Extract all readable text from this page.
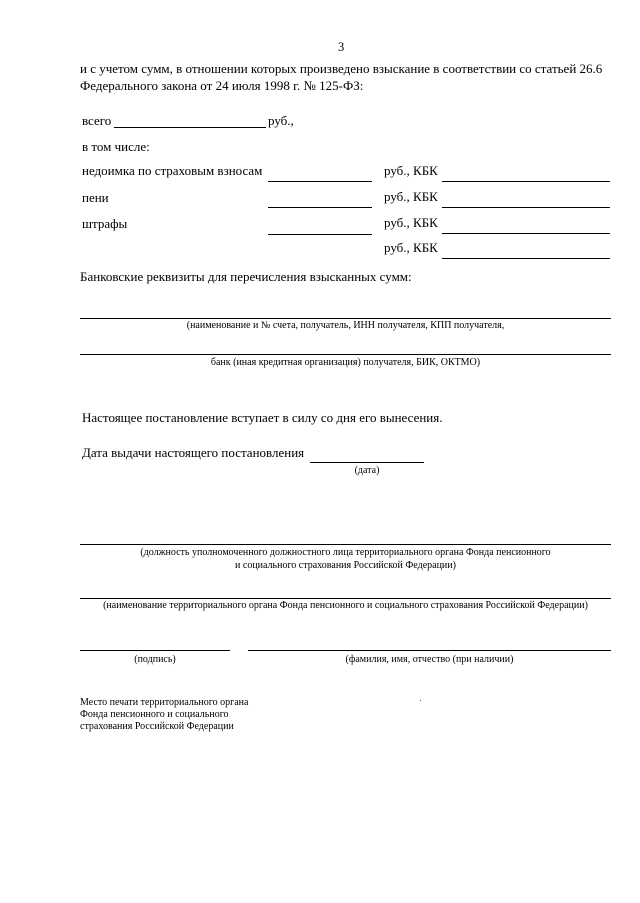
3
и с учетом сумм, в отношении которых произведено взыскание в соответствии со статьей 26.6
Федерального закона от 24 июля 1998 г. № 125-ФЗ:
всего	руб.,
в том числе:
недоимка по страховым взносам	руб., КБК
пени	руб., КБК
штрафы	руб., КБК
руб., КБК
Банковские реквизиты для перечисления взысканных сумм:
(наименование и № счета, получатель, ИНН получателя, КПП получателя,
банк (иная кредитная организация) получателя, БИК, ОКТМО)
Настоящее постановление вступает в силу со дня его вынесения.
Дата выдачи настоящего постановления
(дата)
(должность уполномоченного должностного лица территориального органа Фонда пенсионного
и социального страхования Российской Федерации)
(наименование территориального органа Фонда пенсионного и социального страхования Российской Федерации)
(подпись)	(фамилия, имя, отчество (при наличии)
Место печати территориального органа
Фонда пенсионного и социального
страхования Российской Федерации
